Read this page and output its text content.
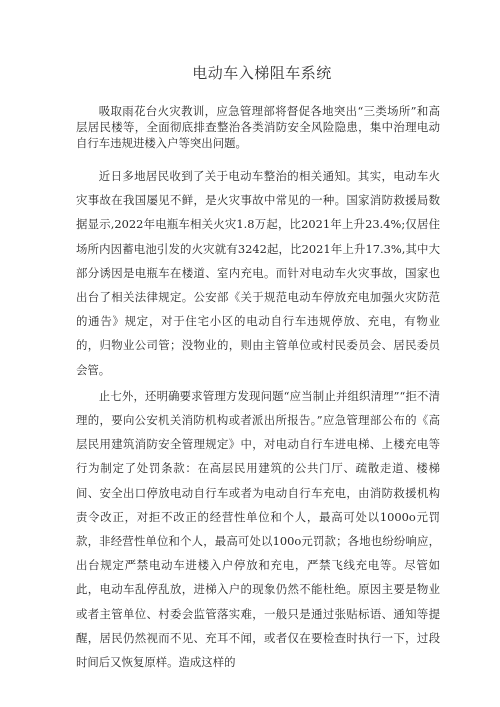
电动车入梯阻车系统

吸取雨花台火灾教训，应急管理部将督促各地突出“三类场所”和高层居民楼等，全面彻底排查整治各类消防安全风险隐患，集中治理电动自行车违规进楼入户等突出问题。

近日多地居民收到了关于电动车整治的相关通知。其实，电动车火灾事故在我国屡见不鲜，是火灾事故中常见的一种。国家消防救援局数据显示,2022年电瓶车相关火灾1.8万起，比2021年上升23.4%;仅居住场所内因蓄电池引发的火灾就有3242起，比2021年上升17.3%,其中大部分诱因是电瓶车在楼道、室内充电。而针对电动车火灾事故，国家也出台了相关法律规定。公安部《关于规范电动车停放充电加强火灾防范的通告》规定，对于住宅小区的电动自行车违规停放、充电，有物业的，归物业公司管；没物业的，则由主管单位或村民委员会、居民委员会管。

止七外，还明确要求管理方发现问题“应当制止并组织清理”“拒不清理的，要向公安机关消防机构或者派出所报告。”应急管理部公布的《高层民用建筑消防安全管理规定》中，对电动自行车进电梯、上楼充电等行为制定了处罚条款：在高层民用建筑的公共门厅、疏散走道、楼梯间、安全出口停放电动自行车或者为电动自行车充电，由消防救援机构责令改正，对拒不改正的经营性单位和个人，最高可处以1000o元罚款，非经营性单位和个人，最高可处以100o元罚款；各地也纷纷响应，出台规定严禁电动车进楼入户停放和充电，严禁飞线充电等。尽管如此，电动车乱停乱放，进梯入户的现象仍然不能杜绝。原因主要是物业或者主管单位、村委会监管落实难，一般只是通过张贴标语、通知等提醒，居民仍然视而不见、充耳不闻，或者仅在要检查时执行一下，过段时间后又恢复原样。造成这样的
